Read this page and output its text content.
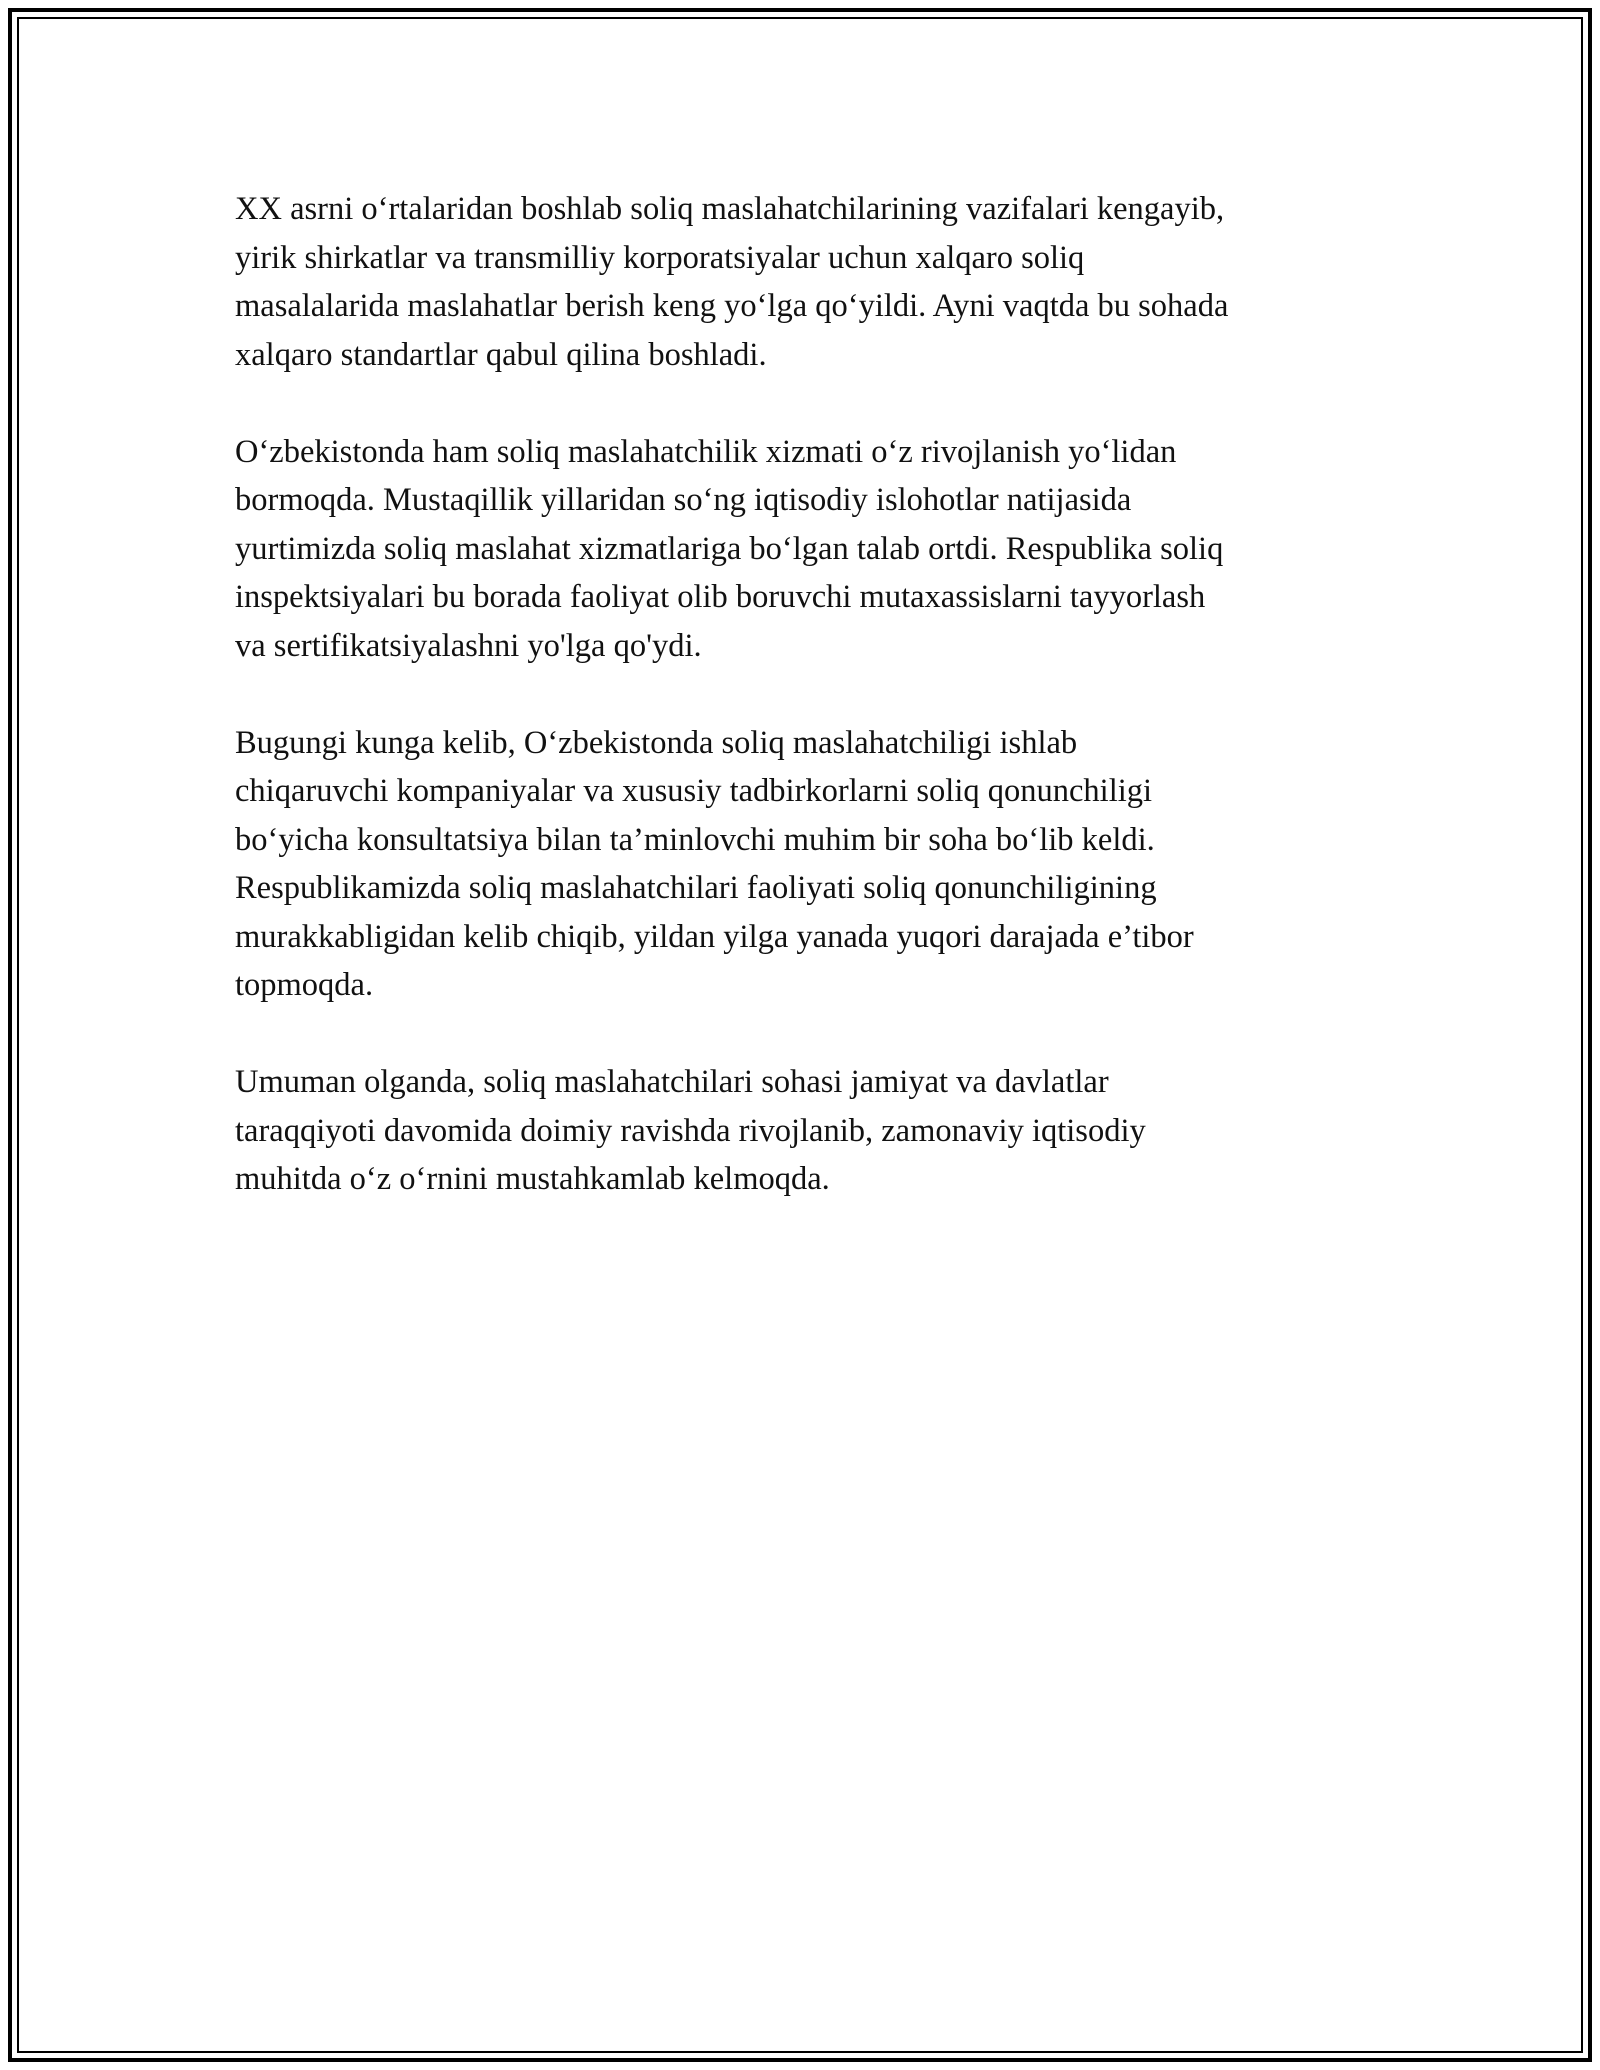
XX asrni o‘rtalaridan boshlab soliq maslahatchilarining vazifalari kengayib,
yirik shirkatlar va transmilliy korporatsiyalar uchun xalqaro soliq
masalalarida maslahatlar berish keng yo‘lga qo‘yildi. Ayni vaqtda bu sohada
xalqaro standartlar qabul qilina boshladi.

O‘zbekistonda ham soliq maslahatchilik xizmati o‘z rivojlanish yo‘lidan
bormoqda. Mustaqillik yillaridan so‘ng iqtisodiy islohotlar natijasida
yurtimizda soliq maslahat xizmatlariga bo‘lgan talab ortdi. Respublika soliq
inspektsiyalari bu borada faoliyat olib boruvchi mutaxassislarni tayyorlash
va sertifikatsiyalashni yo'lga qo'ydi.

Bugungi kunga kelib, O‘zbekistonda soliq maslahatchiligi ishlab
chiqaruvchi kompaniyalar va xususiy tadbirkorlarni soliq qonunchiligi
bo‘yicha konsultatsiya bilan ta’minlovchi muhim bir soha bo‘lib keldi.
Respublikamizda soliq maslahatchilari faoliyati soliq qonunchiligining
murakkabligidan kelib chiqib, yildan yilga yanada yuqori darajada e’tibor
topmoqda.

Umuman olganda, soliq maslahatchilari sohasi jamiyat va davlatlar
taraqqiyoti davomida doimiy ravishda rivojlanib, zamonaviy iqtisodiy
muhitda o‘z o‘rnini mustahkamlab kelmoqda.
